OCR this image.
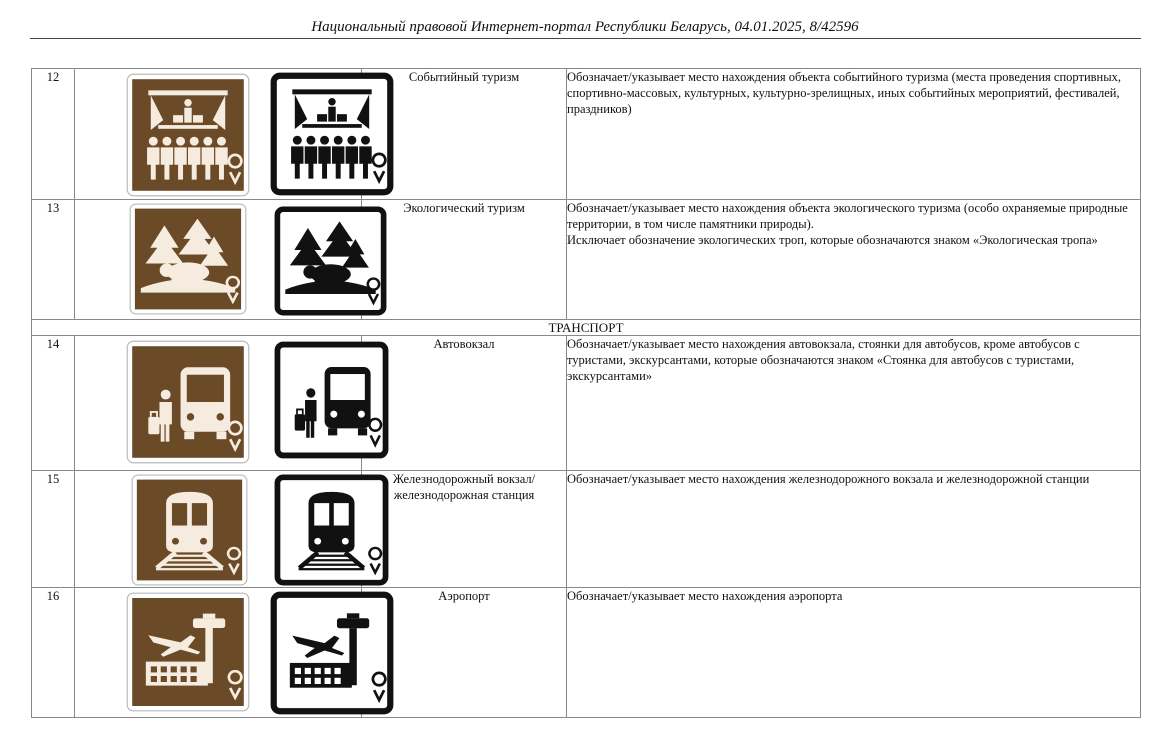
Национальный правовой Интернет-портал Республики Беларусь, 04.01.2025, 8/42596
12		Событийный туризм	Обозначает/указывает место нахождения объекта событийного туризма (места проведения спортивных, спортивно-массовых, культурных, культурно-зрелищных, иных событийных мероприятий, фестивалей, праздников)
13		Экологический туризм	Обозначает/указывает место нахождения объекта экологического туризма (особо охраняемые природные территории, в том числе памятники природы).
Исключает обозначение экологических троп, которые обозначаются знаком «Экологическая тропа»
ТРАНСПОРТ			
14		Автовокзал	Обозначает/указывает место нахождения автовокзала, стоянки для автобусов, кроме автобусов с туристами, экскурсантами, которые обозначаются знаком «Стоянка для автобусов с туристами, экскурсантами»
15		Железнодорожный вокзал/железнодорожная станция	Обозначает/указывает место нахождения железнодорожного вокзала и железнодорожной станции
16		Аэропорт	Обозначает/указывает место нахождения аэропорта
